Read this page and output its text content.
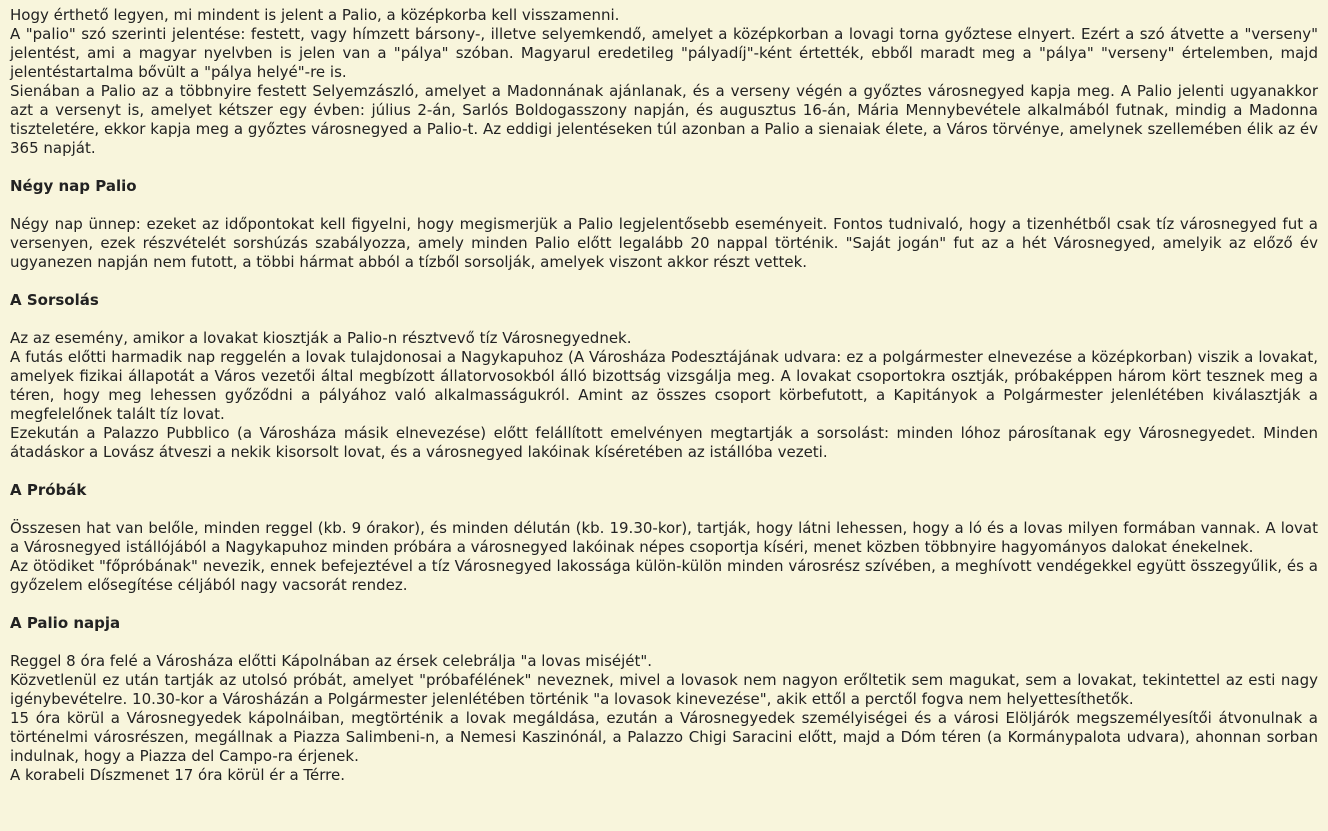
Hogy érthető legyen, mi mindent is jelent a Palio, a középkorba kell visszamenni.

A "palio" szó szerinti jelentése: festett, vagy hímzett bársony-, illetve selyemkendő, amelyet a középkorban a lovagi torna győztese elnyert. Ezért a szó átvette a "verseny" jelentést, ami a magyar nyelvben is jelen van a "pálya" szóban. Magyarul eredetileg "pályadíj"-ként értették, ebből maradt meg a "pálya" "verseny" értelemben, majd jelentéstartalma bővült a "pálya helyé"-re is.

Sienában a Palio az a többnyire festett Selyemzászló, amelyet a Madonnának ajánlanak, és a verseny végén a győztes városnegyed kapja meg. A Palio jelenti ugyanakkor azt a versenyt is, amelyet kétszer egy évben: július 2-án, Sarlós Boldogasszony napján, és augusztus 16-án, Mária Mennybevétele alkalmából futnak, mindig a Madonna tiszteletére, ekkor kapja meg a győztes városnegyed a Palio-t. Az eddigi jelentéseken túl azonban a Palio a sienaiak élete, a Város törvénye, amelynek szellemében élik az év 365 napját.

Négy nap Palio

Négy nap ünnep: ezeket az időpontokat kell figyelni, hogy megismerjük a Palio legjelentősebb eseményeit. Fontos tudnivaló, hogy a tizenhétből csak tíz városnegyed fut a versenyen, ezek részvételét sorshúzás szabályozza, amely minden Palio előtt legalább 20 nappal történik. "Saját jogán" fut az a hét Városnegyed, amelyik az előző év ugyanezen napján nem futott, a többi hármat abból a tízből sorsolják, amelyek viszont akkor részt vettek.

A Sorsolás

Az az esemény, amikor a lovakat kiosztják a Palio-n résztvevő tíz Városnegyednek.

A futás előtti harmadik nap reggelén a lovak tulajdonosai a Nagykapuhoz (A Városháza Podesztájának udvara: ez a polgármester elnevezése a középkorban) viszik a lovakat, amelyek fizikai állapotát a Város vezetői által megbízott állatorvosokból álló bizottság vizsgálja meg. A lovakat csoportokra osztják, próbaképpen három kört tesznek meg a téren, hogy meg lehessen győződni a pályához való alkalmasságukról. Amint az összes csoport körbefutott, a Kapitányok a Polgármester jelenlétében kiválasztják a megfelelőnek talált tíz lovat.

Ezekután a Palazzo Pubblico (a Városháza másik elnevezése) előtt felállított emelvényen megtartják a sorsolást: minden lóhoz párosítanak egy Városnegyedet. Minden átadáskor a Lovász átveszi a nekik kisorsolt lovat, és a városnegyed lakóinak kíséretében az istállóba vezeti.

A Próbák

Összesen hat van belőle, minden reggel (kb. 9 órakor), és minden délután (kb. 19.30-kor), tartják, hogy látni lehessen, hogy a ló és a lovas milyen formában vannak. A lovat a Városnegyed istállójából a Nagykapuhoz minden próbára a városnegyed lakóinak népes csoportja kíséri, menet közben többnyire hagyományos dalokat énekelnek.

Az ötödiket "főpróbának" nevezik, ennek befejeztével a tíz Városnegyed lakossága külön-külön minden városrész szívében, a meghívott vendégekkel együtt összegyűlik, és a győzelem elősegítése céljából nagy vacsorát rendez.

A Palio napja

Reggel 8 óra felé a Városháza előtti Kápolnában az érsek celebrálja "a lovas miséjét".

Közvetlenül ez után tartják az utolsó próbát, amelyet "próbafélének" neveznek, mivel a lovasok nem nagyon erőltetik sem magukat, sem a lovakat, tekintettel az esti nagy igénybevételre. 10.30-kor a Városházán a Polgármester jelenlétében történik "a lovasok kinevezése", akik ettől a perctől fogva nem helyettesíthetők.

15 óra körül a Városnegyedek kápolnáiban, megtörténik a lovak megáldása, ezután a Városnegyedek személyiségei és a városi Elöljárók megszemélyesítői átvonulnak a történelmi városrészen, megállnak a Piazza Salimbeni-n, a Nemesi Kaszinónál, a Palazzo Chigi Saracini előtt, majd a Dóm téren (a Kormánypalota udvara), ahonnan sorban indulnak, hogy a Piazza del Campo-ra érjenek.

A korabeli Díszmenet 17 óra körül ér a Térre.
